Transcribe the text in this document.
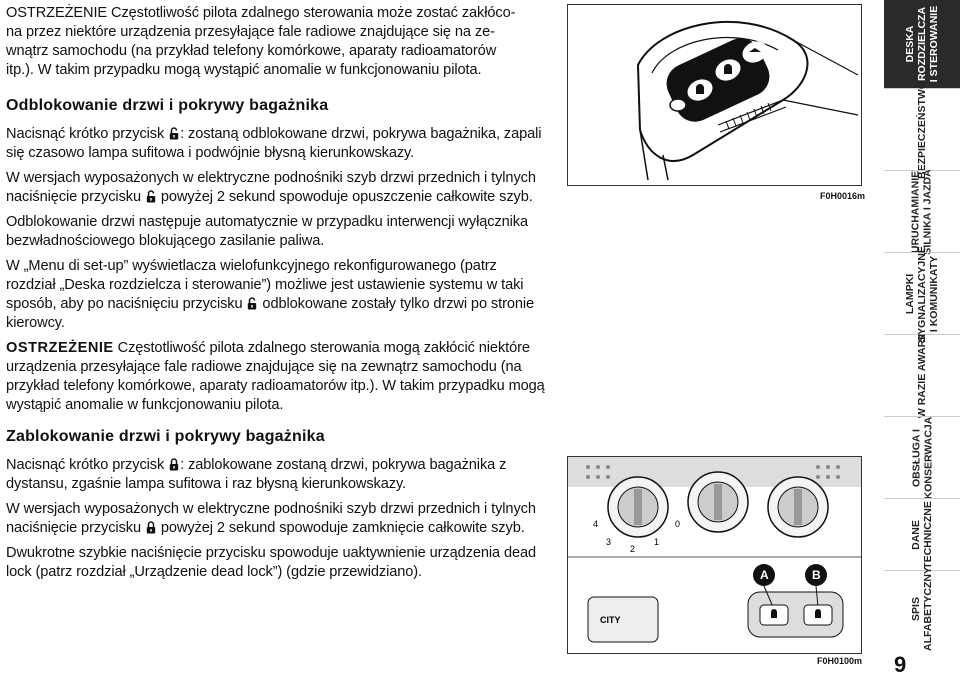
OSTRZEŻENIE Częstotliwość pilota zdalnego sterowania może zostać zakłóco-
na przez niektóre urządzenia przesyłające fale radiowe znajdujące się na ze-
wnątrz samochodu (na przykład telefony komórkowe, aparaty radioamatorów
itp.). W takim przypadku mogą wystąpić anomalie w funkcjonowaniu pilota.

Odblokowanie drzwi i pokrywy bagażnika

Nacisnąć krótko przycisk
: zostaną odblokowane drzwi, pokrywa bagażnika, zapali się czasowo lampa sufitowa i podwójnie błysną kierunkowskazy.

W wersjach wyposażonych w elektryczne podnośniki szyb drzwi przednich i tylnych naciśnięcie przycisku
powyżej 2 sekund spowoduje opuszczenie całkowite szyb.

Odblokowanie drzwi następuje automatycznie w przypadku interwencji wyłącznika bezwładnościowego blokującego zasilanie paliwa.

W „Menu di set-up” wyświetlacza wielofunkcyjnego rekonfigurowanego (patrz rozdział „Deska rozdzielcza i sterowanie”) możliwe jest ustawienie systemu w taki sposób, aby po naciśnięciu przycisku
odblokowane zostały tylko drzwi po stronie kierowcy.

OSTRZEŻENIE Częstotliwość pilota zdalnego sterowania mogą zakłócić niektóre urządzenia przesyłające fale radiowe znajdujące się na zewnątrz samochodu (na przykład telefony komórkowe, aparaty radioamatorów itp.). W takim przypadku mogą wystąpić anomalie w funkcjonowaniu pilota.

Zablokowanie drzwi i pokrywy bagażnika

Nacisnąć krótko przycisk
: zablokowane zostaną drzwi, pokrywa bagażnika z dystansu, zgaśnie lampa sufitowa i raz błysną kierunkowskazy.

W wersjach wyposażonych w elektryczne podnośniki szyb drzwi przednich i tylnych naciśnięcie przycisku
powyżej 2 sekund spowoduje zamknięcie całkowite szyb.

Dwukrotne szybkie naciśnięcie przycisku spowoduje uaktywnienie urządzenia dead lock (patrz rozdział „Urządzenie dead lock”) (gdzie przewidziano).

F0H0016m
4
3
2
1
0
CITY
A	B
F0H0100m
DESKA
ROZDZIELCZA
I STEROWANIE
BEZPIECZEŃSTWO
URUCHAMIANIE
SILNIKA I JAZDA
LAMPKI
SYGNALIZACYJNE
I KOMUNIKATY
W RAZIE AWARII
OBSŁUGA I
KONSERWACJA
DANE
TECHNICZNE
SPIS
ALFABETYCZNY
9
